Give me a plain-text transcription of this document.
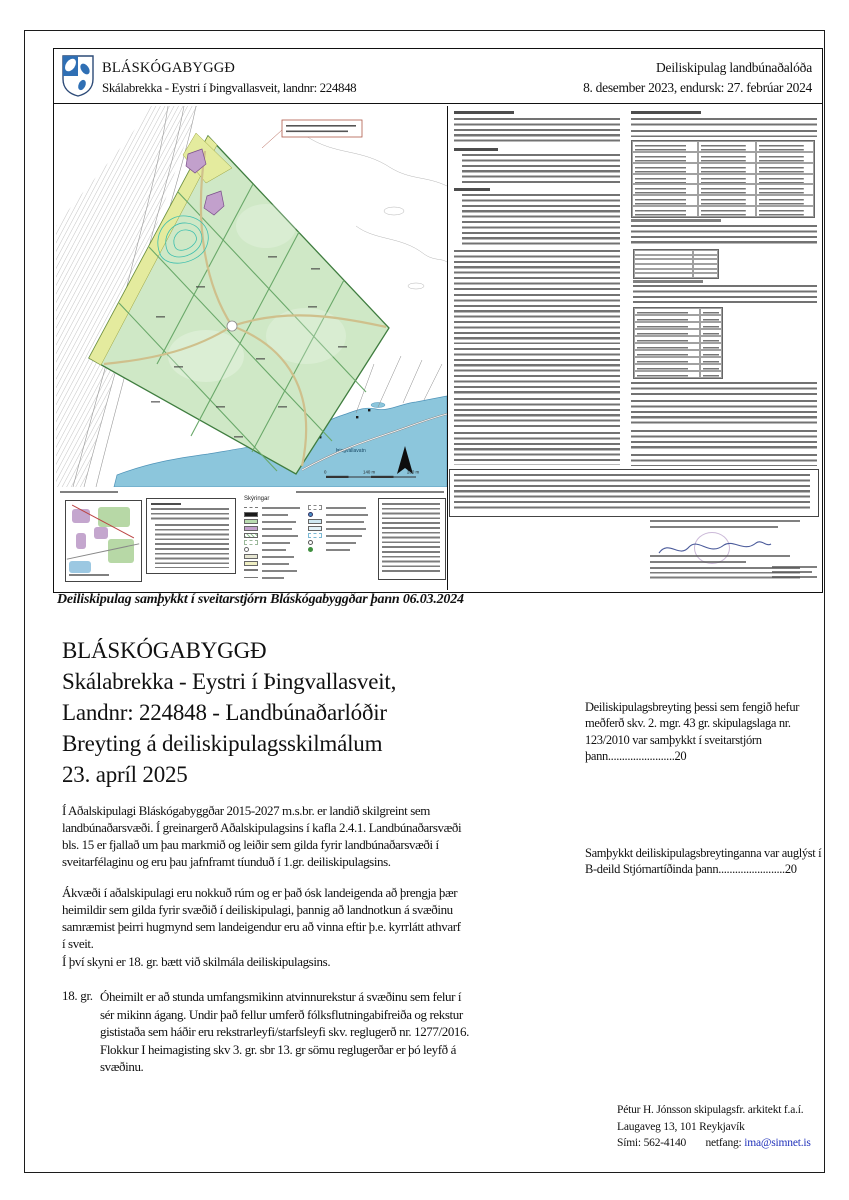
BLÁSKÓGABYGGÐ
Skálabrekka - Eystri í Þingvallasveit, landnr: 224848
Deiliskipulag landbúnaðalóða
8. desember 2023, endursk: 27. febrúar 2024
Þingvallavatn
0	140 m	280 m
Skýringar
Deiliskipulag samþykkt í sveitarstjórn Bláskógabyggðar þann 06.03.2024
BLÁSKÓGABYGGÐ
Skálabrekka - Eystri í Þingvallasveit,
Landnr: 224848 - Landbúnaðarlóðir
Breyting á deiliskipulagsskilmálum
23. apríl 2025
Í Aðalskipulagi Bláskógabyggðar 2015-2027 m.s.br. er landið skilgreint sem landbúnaðarsvæði. Í greinargerð Aðalskipulagsins í kafla 2.4.1. Landbúnaðarsvæði bls. 15 er fjallað um þau markmið og leiðir sem gilda fyrir landbúnaðarsvæði í sveitarfélaginu og eru þau jafnframt tíunduð í 1.gr. deiliskipulagsins.
Ákvæði í aðalskipulagi eru nokkuð rúm og er það ósk landeigenda að þrengja þær heimildir sem gilda fyrir svæðið í deiliskipulagi, þannig að landnotkun á svæðinu samræmist þeirri hugmynd sem landeigendur eru að vinna eftir þ.e. kyrrlátt athvarf í sveit.
Í því skyni er 18. gr. bætt við skilmála deiliskipulagsins.
18. gr. Óheimilt er að stunda umfangsmikinn atvinnurekstur á svæðinu sem felur í sér mikinn ágang. Undir það fellur umferð fólksflutningabifreiða og rekstur gististaða sem háðir eru rekstrarleyfi/starfsleyfi skv. reglugerð nr. 1277/2016. Flokkur I heimagisting skv 3. gr. sbr 13. gr sömu reglugerðar er þó leyfð á svæðinu.
Deiliskipulagsbreyting þessi sem fengið hefur meðferð skv. 2. mgr. 43 gr. skipulagslaga nr. 123/2010 var samþykkt í sveitarstjórn þann........................20
Samþykkt deiliskipulagsbreytinganna var auglýst í B-deild Stjórnartíðinda þann........................20
Pétur H. Jónsson skipulagsfr. arkitekt f.a.í.
Laugaveg 13, 101 Reykjavík
Sími: 562-4140 netfang: ima@simnet.is
